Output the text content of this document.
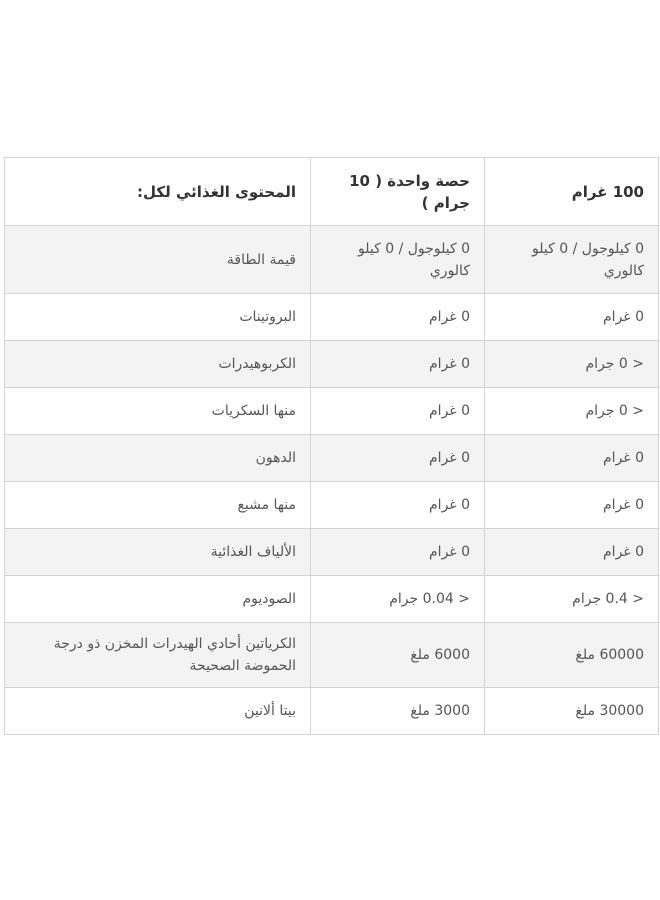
المحتوى الغذائي لكل:	حصة واحدة ( 10 جرام )	100 غرام
قيمة الطاقة	0 كيلوجول / 0 كيلو كالوري	0 كيلوجول / 0 كيلو كالوري
البروتينات	0 غرام	0 غرام
الكربوهيدرات	0 غرام	< 0 جرام
منها السكريات	0 غرام	< 0 جرام
الدهون	0 غرام	0 غرام
منها مشبع	0 غرام	0 غرام
الألياف الغذائية	0 غرام	0 غرام
الصوديوم	< 0.04 جرام	< 0.4 جرام
الكرياتين أحادي الهيدرات المخزن ذو درجة الحموضة الصحيحة	6000 ملغ	60000 ملغ
بيتا ألانين	3000 ملغ	30000 ملغ
